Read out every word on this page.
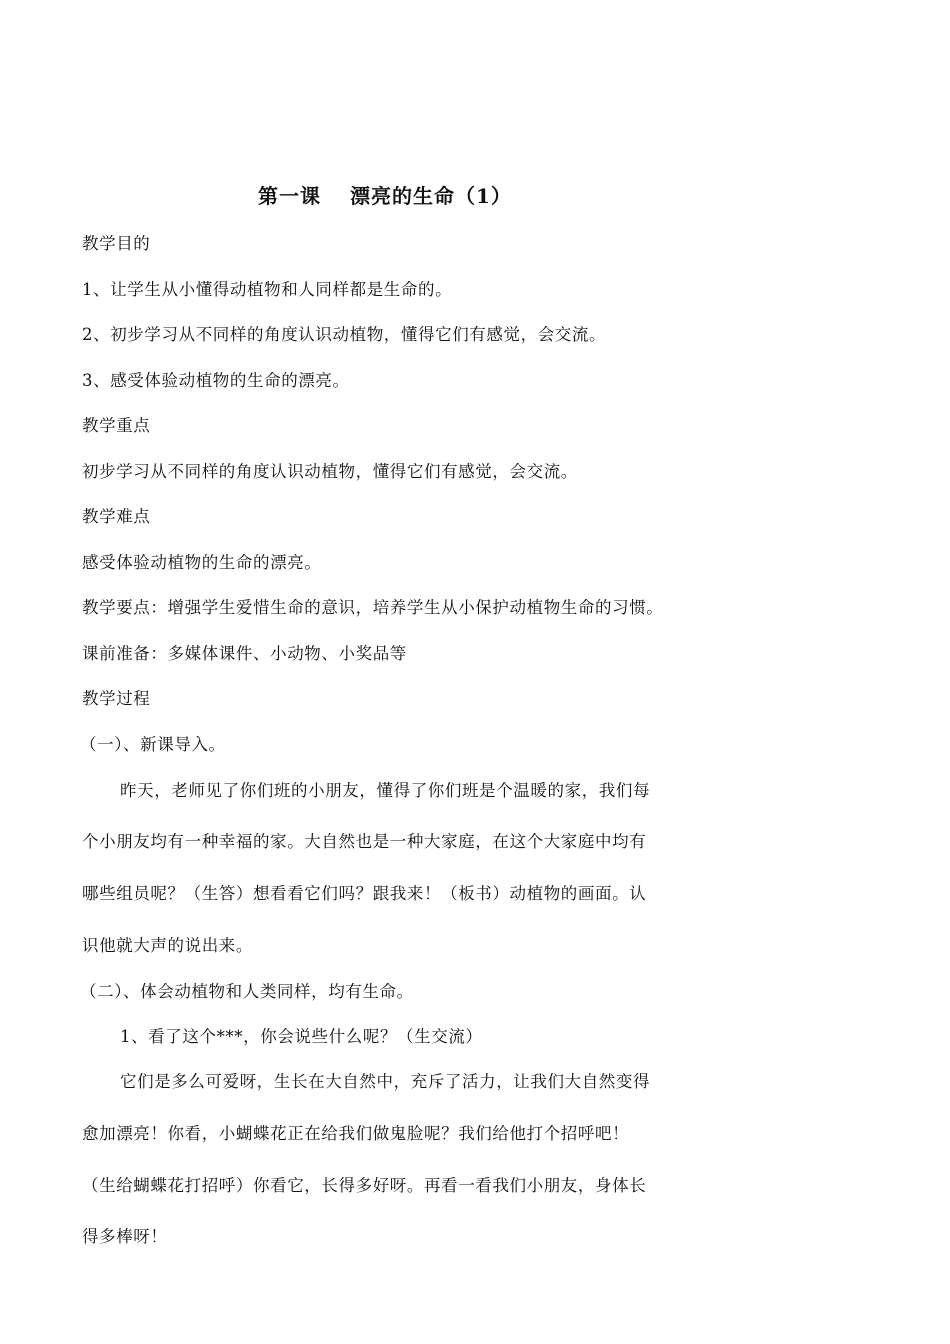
第一课 　漂亮的生命（1）
教学目的
1、让学生从小懂得动植物和人同样都是生命的。
2、初步学习从不同样的角度认识动植物，懂得它们有感觉，会交流。
3、感受体验动植物的生命的漂亮。
教学重点
初步学习从不同样的角度认识动植物，懂得它们有感觉，会交流。
教学难点
感受体验动植物的生命的漂亮。
教学要点：增强学生爱惜生命的意识，培养学生从小保护动植物生命的习惯。
课前准备：多媒体课件、小动物、小奖品等
教学过程
（一）、新课导入。
昨天，老师见了你们班的小朋友，懂得了你们班是个温暖的家，我们每
个小朋友均有一种幸福的家。大自然也是一种大家庭，在这个大家庭中均有
哪些组员呢？（生答）想看看它们吗？跟我来！（板书）动植物的画面。认
识他就大声的说出来。
（二）、体会动植物和人类同样，均有生命。
1、看了这个***，你会说些什么呢？（生交流）
它们是多么可爱呀，生长在大自然中，充斥了活力，让我们大自然变得
愈加漂亮！你看，小蝴蝶花正在给我们做鬼脸呢？我们给他打个招呼吧！
（生给蝴蝶花打招呼）你看它，长得多好呀。再看一看我们小朋友，身体长
得多棒呀！
